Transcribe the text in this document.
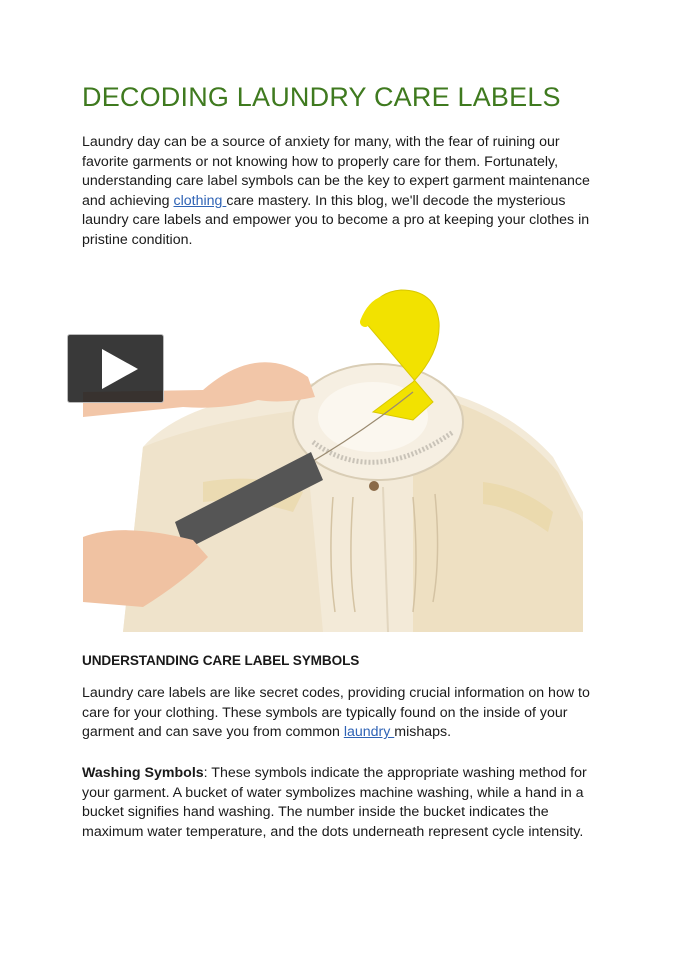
DECODING LAUNDRY CARE LABELS

Laundry day can be a source of anxiety for many, with the fear of ruining our favorite garments or not knowing how to properly care for them. Fortunately, understanding care label symbols can be the key to expert garment maintenance and achieving clothing care mastery. In this blog, we'll decode the mysterious laundry care labels and empower you to become a pro at keeping your clothes in pristine condition.

UNDERSTANDING CARE LABEL SYMBOLS

Laundry care labels are like secret codes, providing crucial information on how to care for your clothing. These symbols are typically found on the inside of your garment and can save you from common laundry mishaps.

Washing Symbols: These symbols indicate the appropriate washing method for your garment. A bucket of water symbolizes machine washing, while a hand in a bucket signifies hand washing. The number inside the bucket indicates the maximum water temperature, and the dots underneath represent cycle intensity.
